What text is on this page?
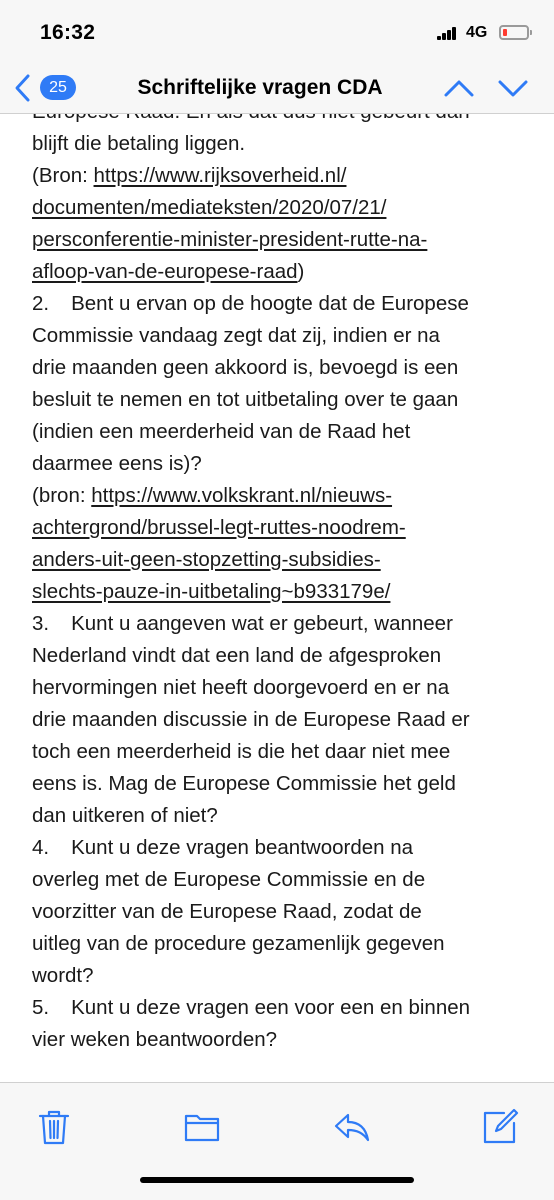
16:32	4G
25	Schriftelijke vragen CDA
blijft die betaling liggen.
(Bron: https://www.rijksoverheid.nl/
documenten/mediateksten/2020/07/21/
persconferentie-minister-president-rutte-na-
afloop-van-de-europese-raad)
2. Bent u ervan op de hoogte dat de Europese
Commissie vandaag zegt dat zij, indien er na
drie maanden geen akkoord is, bevoegd is een
besluit te nemen en tot uitbetaling over te gaan
(indien een meerderheid van de Raad het
daarmee eens is)?
(bron: https://www.volkskrant.nl/nieuws-
achtergrond/brussel-legt-ruttes-noodrem-
anders-uit-geen-stopzetting-subsidies-
slechts-pauze-in-uitbetaling~b933179e/
3. Kunt u aangeven wat er gebeurt, wanneer
Nederland vindt dat een land de afgesproken
hervormingen niet heeft doorgevoerd en er na
drie maanden discussie in de Europese Raad er
toch een meerderheid is die het daar niet mee
eens is. Mag de Europese Commissie het geld
dan uitkeren of niet?
4. Kunt u deze vragen beantwoorden na
overleg met de Europese Commissie en de
voorzitter van de Europese Raad, zodat de
uitleg van de procedure gezamenlijk gegeven
wordt?
5. Kunt u deze vragen een voor een en binnen
vier weken beantwoorden?
